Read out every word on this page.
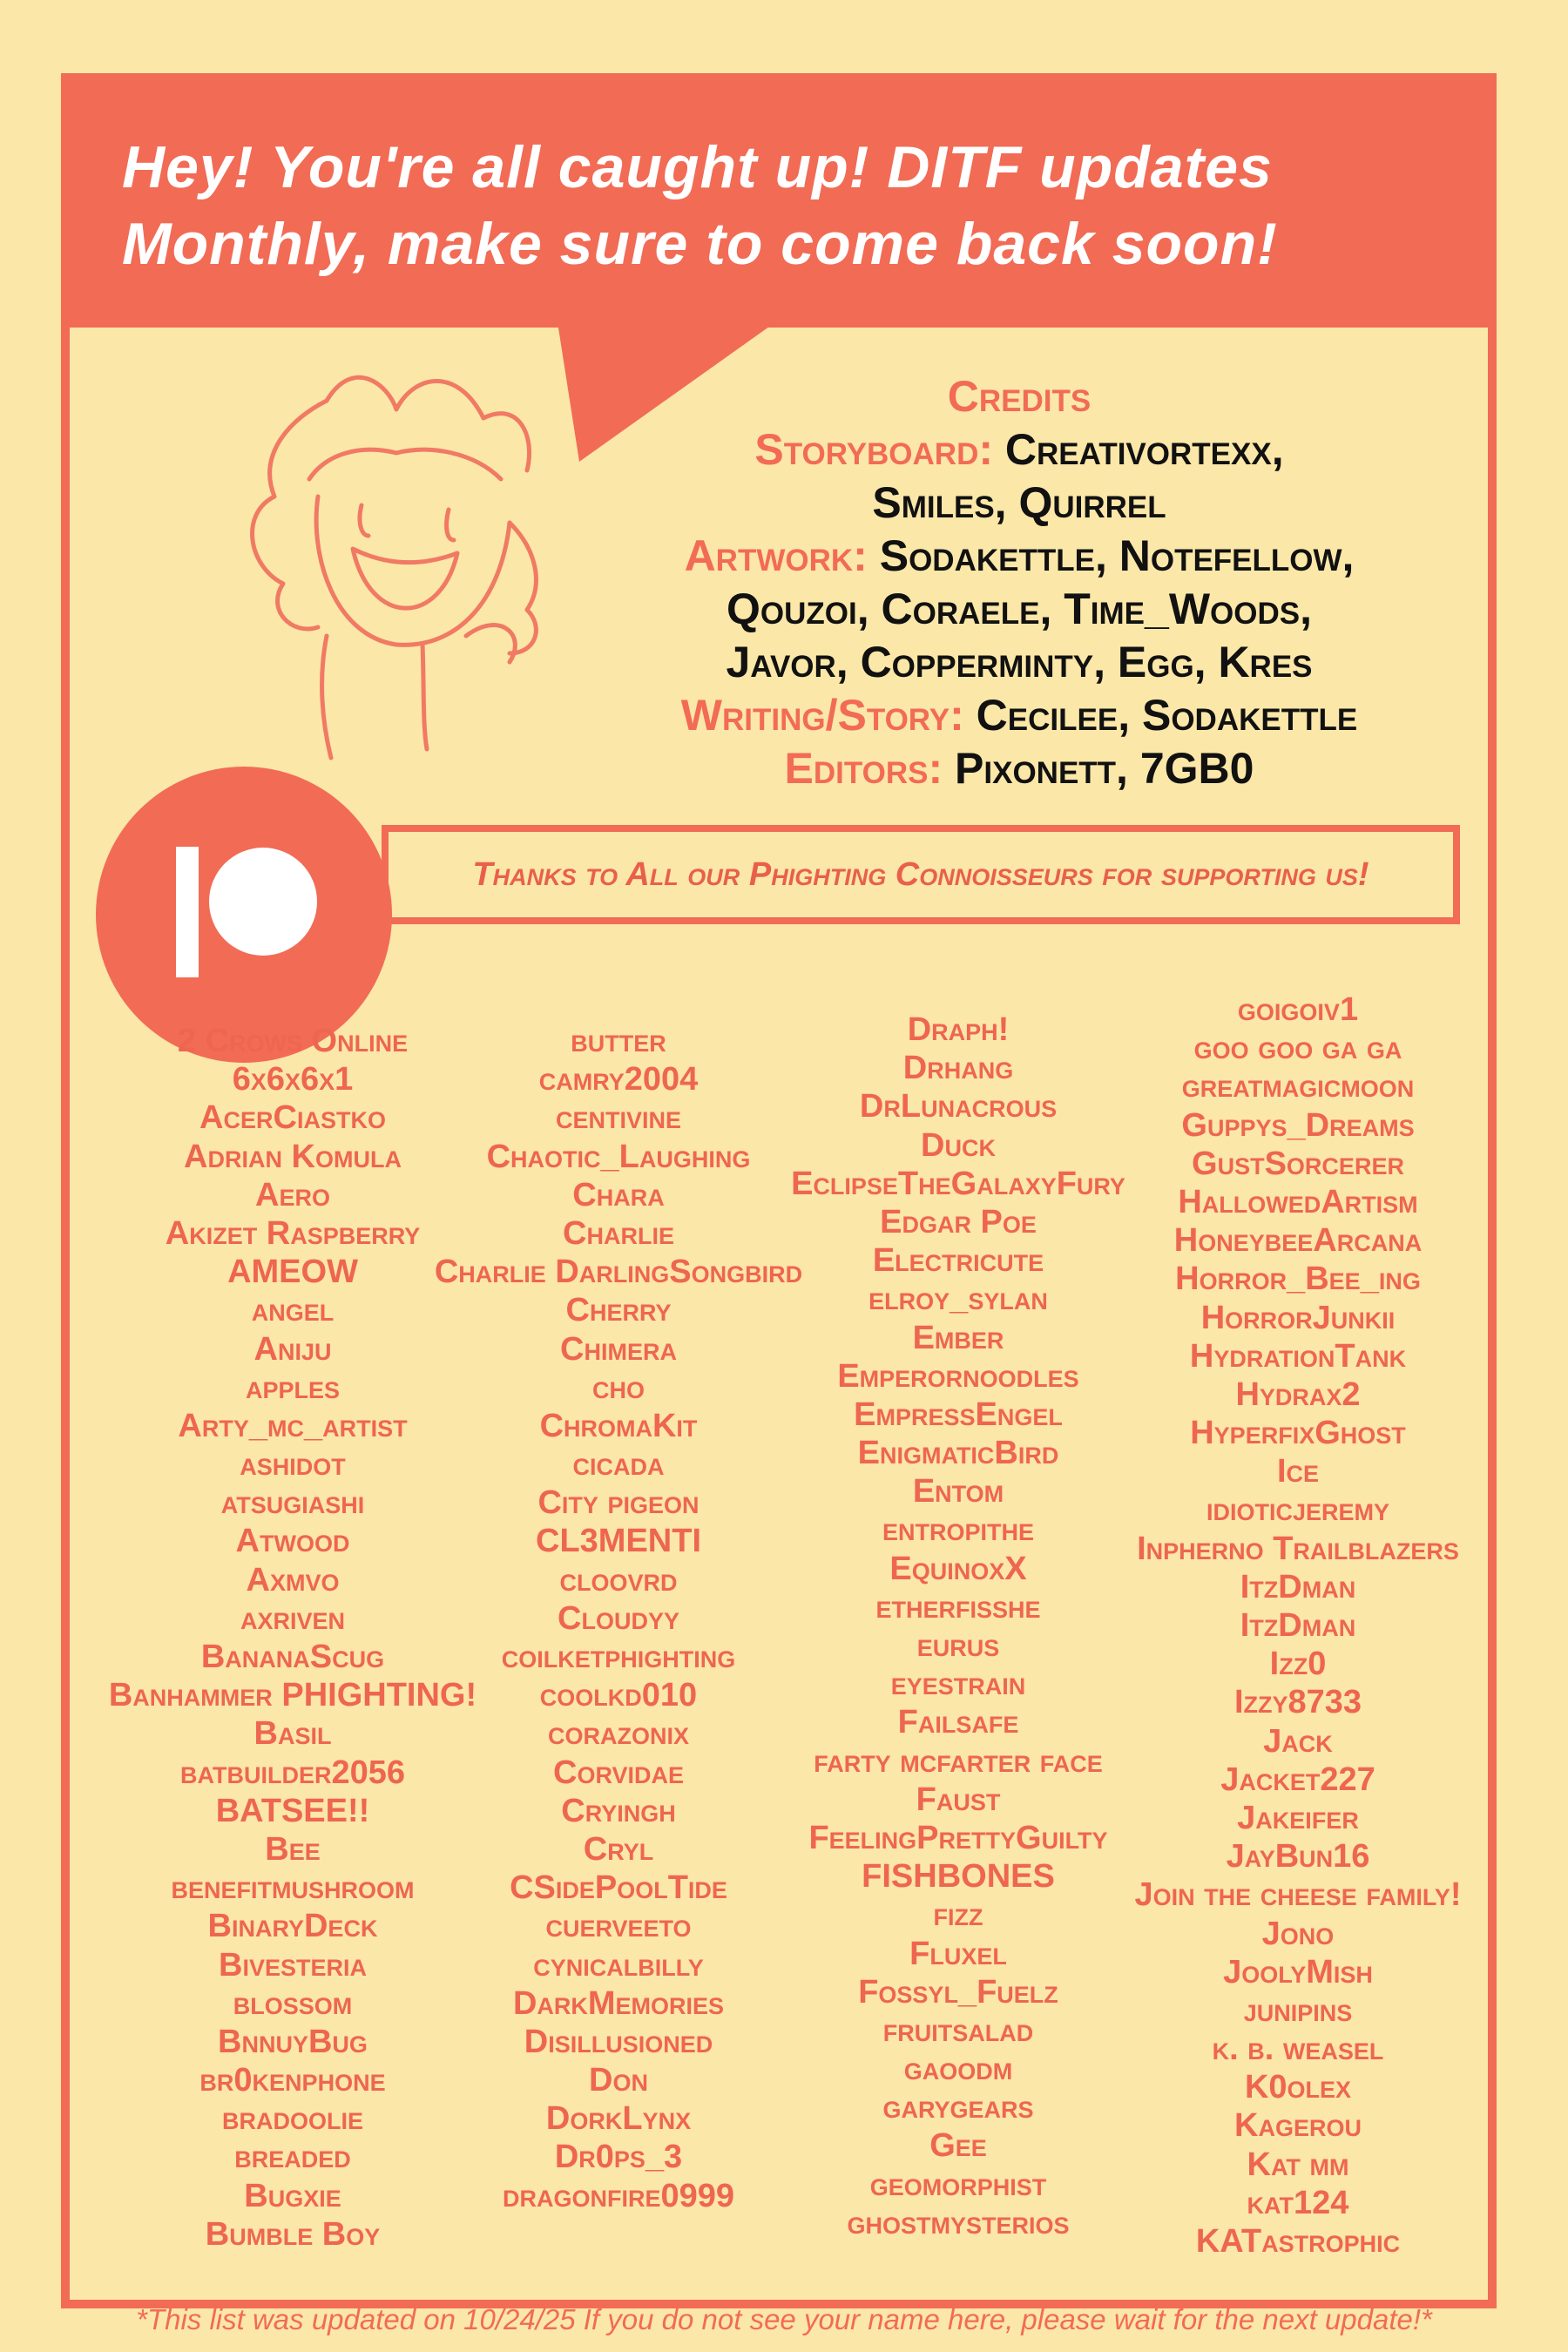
Hey! You're all caught up! DITF updates
Monthly, make sure to come back soon!
Credits
Storyboard: Creativortexx,
Smiles, Quirrel
Artwork: Sodakettle, Notefellow,
Qouzoi, Coraele, Time_Woods,
Javor, Copperminty, Egg, Kres
Writing/Story: Cecilee, Sodakettle
Editors: Pixonett, 7GB0
Thanks to All our Phighting Connoisseurs for supporting us!
2 Crows Online
6x6x6x1
AcerCiastko
Adrian Komula
Aero
Akizet Raspberry
AMEOW
angel
Aniju
apples
Arty_mc_artist
ashidot
atsugiashi
Atwood
Axmvo
axriven
BananaScug
Banhammer PHIGHTING!
Basil
batbuilder2056
BATSEE!!
Bee
benefitmushroom
BinaryDeck
Bivesteria
blossom
BnnuyBug
br0kenphone
bradoolie
breaded
Bugxie
Bumble Boy
butter
camry2004
centivine
Chaotic_Laughing
Chara
Charlie
Charlie DarlingSongbird
Cherry
Chimera
cho
ChromaKit
cicada
City pigeon
CL3MENTI
cloovrd
Cloudyy
coilketphighting
coolkd010
corazonix
Corvidae
Cryingh
Cryl
CSidePoolTide
cuerveeto
cynicalbilly
DarkMemories
Disillusioned
Don
DorkLynx
Dr0ps_3
dragonfire0999
Draph!
Drhang
DrLunacrous
Duck
EclipseTheGalaxyFury
Edgar Poe
Electricute
elroy_sylan
Ember
Emperornoodles
EmpressEngel
EnigmaticBird
Entom
entropithe
EquinoxX
etherfisshe
eurus
eyestrain
Failsafe
farty mcfarter face
Faust
FeelingPrettyGuilty
FISHBONES
fizz
Fluxel
Fossyl_Fuelz
fruitsalad
gaoodm
garygears
Gee
geomorphist
ghostmysterios
goigoiv1
goo goo ga ga
greatmagicmoon
Guppys_Dreams
GustSorcerer
HallowedArtism
HoneybeeArcana
Horror_Bee_ing
HorrorJunkii
HydrationTank
Hydrax2
HyperfixGhost
Ice
idioticjeremy
Inpherno Trailblazers
ItzDman
ItzDman
Izz0
Izzy8733
Jack
Jacket227
Jakeifer
JayBun16
Join the cheese family!
Jono
JoolyMish
junipins
k. b. weasel
K0olex
Kagerou
Kat mm
kat124
KATastrophic
*This list was updated on 10/24/25 If you do not see your name here, please wait for the next update!*
